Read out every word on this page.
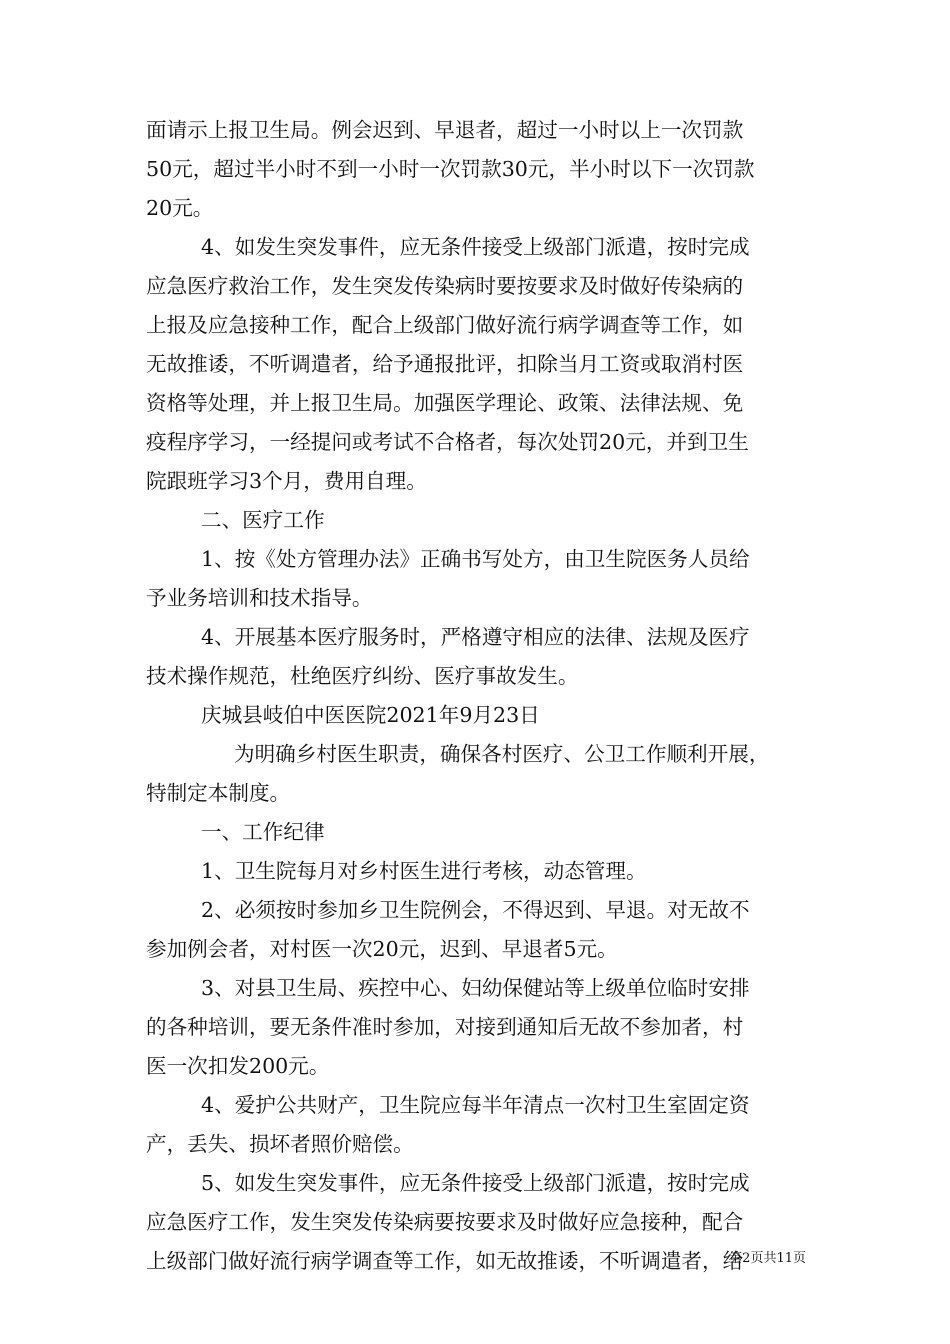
面请示上报卫生局。例会迟到、早退者，超过一小时以上一次罚款
50元，超过半小时不到一小时一次罚款30元，半小时以下一次罚款
20元。
4、如发生突发事件，应无条件接受上级部门派遣，按时完成
应急医疗救治工作，发生突发传染病时要按要求及时做好传染病的
上报及应急接种工作，配合上级部门做好流行病学调查等工作，如
无故推诿，不听调遣者，给予通报批评，扣除当月工资或取消村医
资格等处理，并上报卫生局。加强医学理论、政策、法律法规、免
疫程序学习，一经提问或考试不合格者，每次处罚20元，并到卫生
院跟班学习3个月，费用自理。
二、医疗工作
1、按《处方管理办法》正确书写处方，由卫生院医务人员给
予业务培训和技术指导。
4、开展基本医疗服务时，严格遵守相应的法律、法规及医疗
技术操作规范，杜绝医疗纠纷、医疗事故发生。
庆城县岐伯中医医院2021年9月23日
为明确乡村医生职责，确保各村医疗、公卫工作顺利开展，
特制定本制度。
一、工作纪律
1、卫生院每月对乡村医生进行考核，动态管理。
2、必须按时参加乡卫生院例会，不得迟到、早退。对无故不
参加例会者，对村医一次20元，迟到、早退者5元。
3、对县卫生局、疾控中心、妇幼保健站等上级单位临时安排
的各种培训，要无条件准时参加，对接到通知后无故不参加者，村
医一次扣发200元。
4、爱护公共财产，卫生院应每半年清点一次村卫生室固定资
产，丢失、损坏者照价赔偿。
5、如发生突发事件，应无条件接受上级部门派遣，按时完成
应急医疗工作，发生突发传染病要按要求及时做好应急接种，配合
上级部门做好流行病学调查等工作，如无故推诿，不听调遣者，给
第2页共11页
